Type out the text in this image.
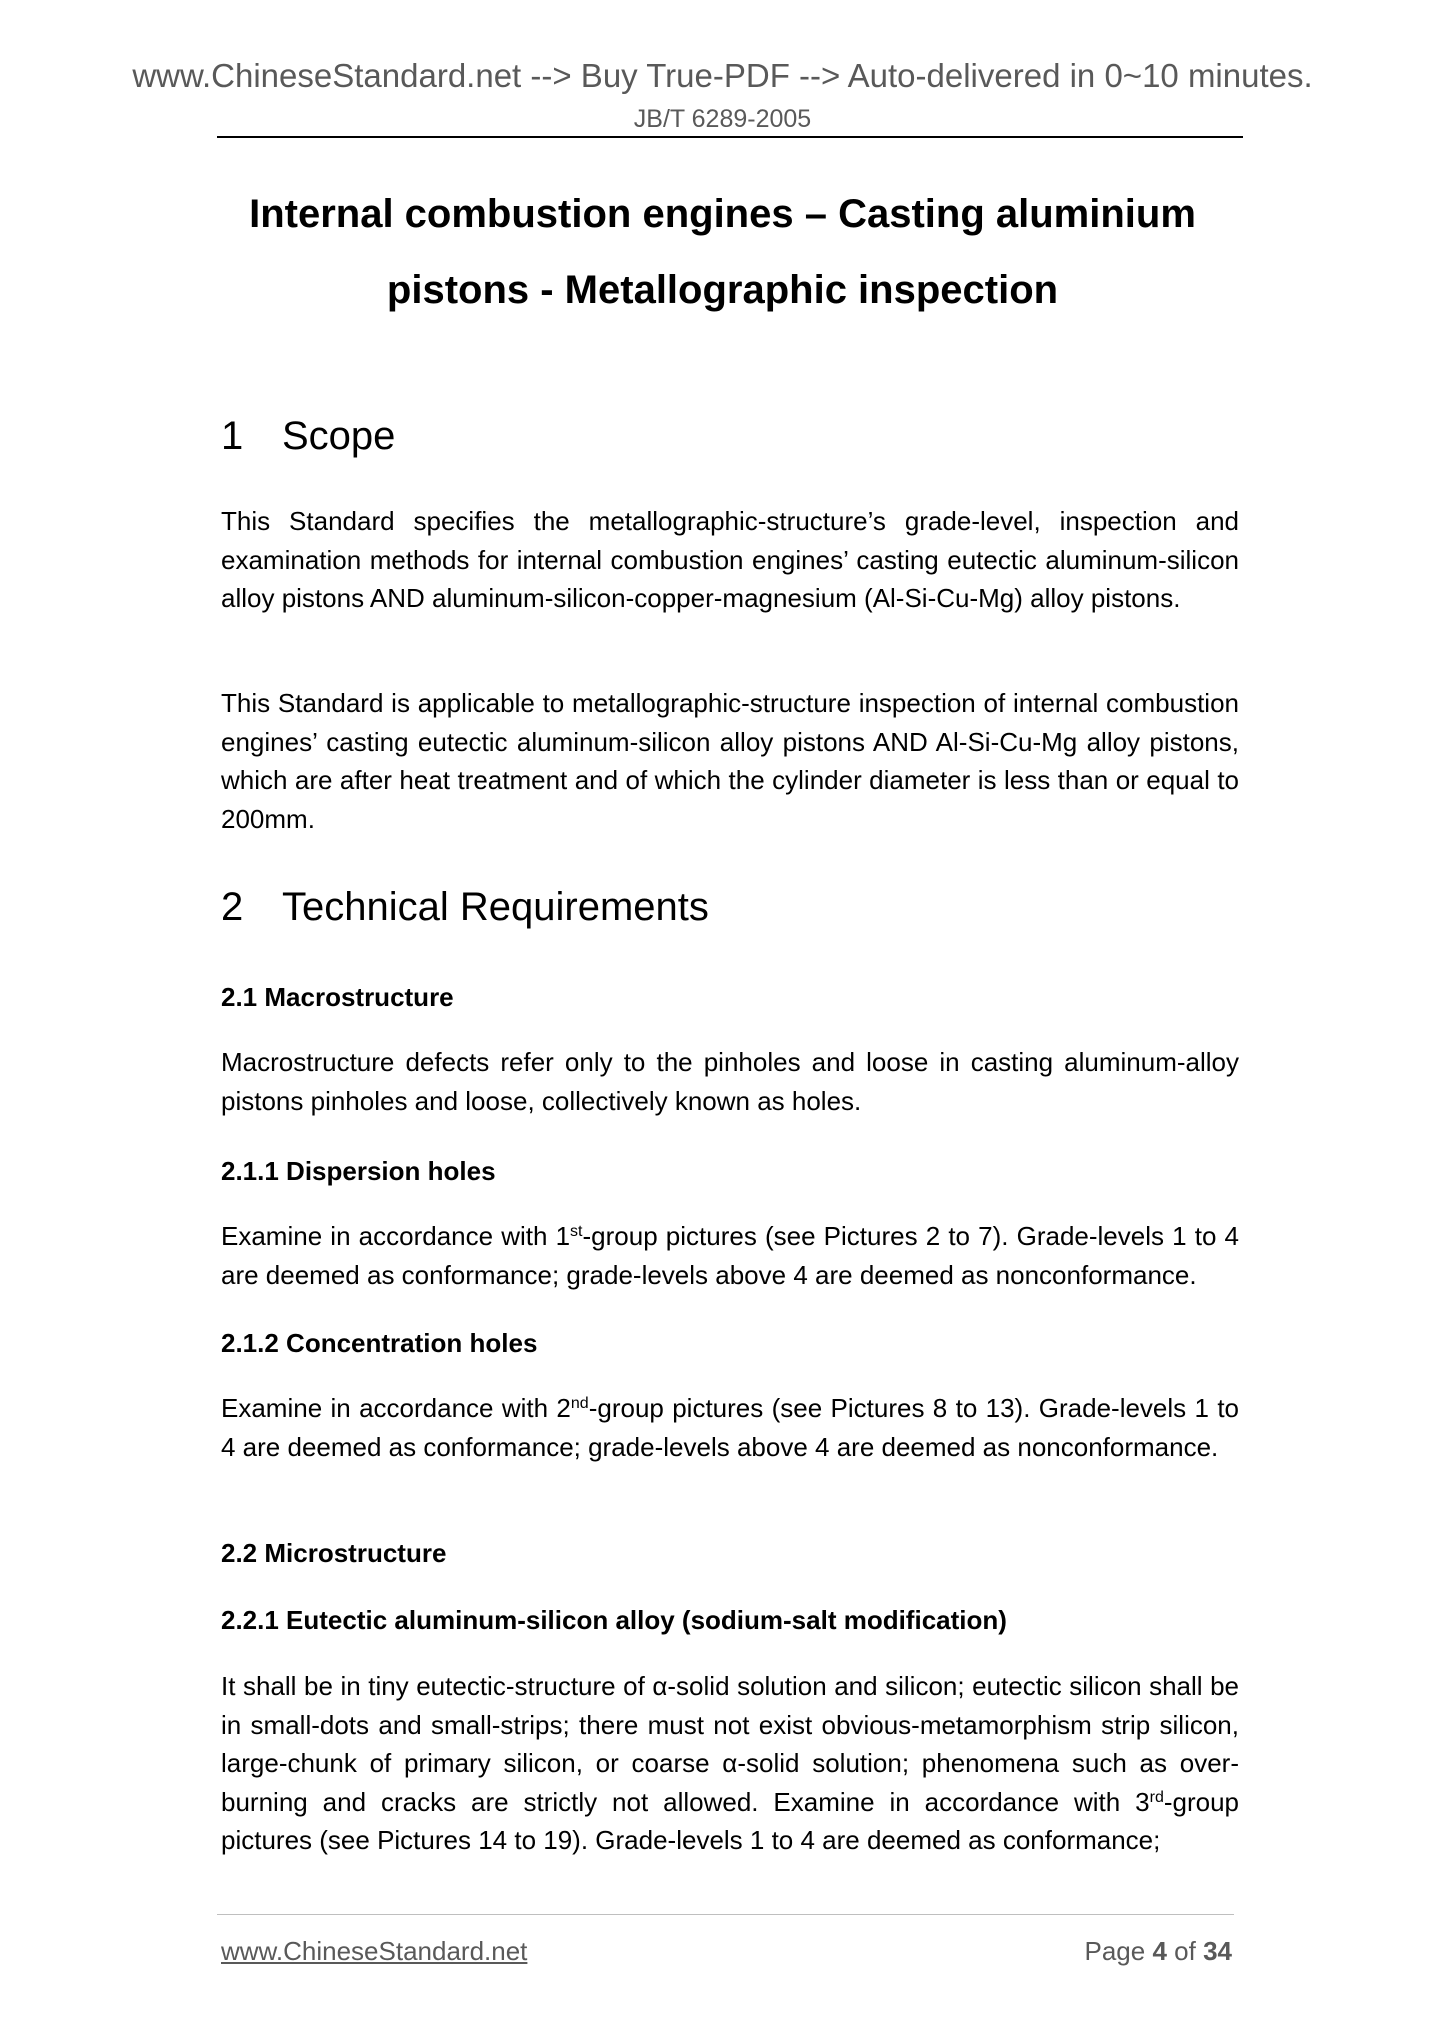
www.ChineseStandard.net --> Buy True-PDF --> Auto-delivered in 0~10 minutes.
JB/T 6289-2005
Internal combustion engines – Casting aluminium
pistons - Metallographic inspection
1 Scope
This Standard specifies the metallographic-structure’s grade-level, inspection and examination methods for internal combustion engines’ casting eutectic aluminum-silicon alloy pistons AND aluminum-silicon-copper-magnesium (Al-Si-Cu-Mg) alloy pistons.
This Standard is applicable to metallographic-structure inspection of internal combustion engines’ casting eutectic aluminum-silicon alloy pistons AND Al-Si-Cu-Mg alloy pistons, which are after heat treatment and of which the cylinder diameter is less than or equal to 200mm.
2 Technical Requirements
2.1 Macrostructure
Macrostructure defects refer only to the pinholes and loose in casting aluminum-alloy pistons pinholes and loose, collectively known as holes.
2.1.1 Dispersion holes
Examine in accordance with 1st-group pictures (see Pictures 2 to 7). Grade-levels 1 to 4 are deemed as conformance; grade-levels above 4 are deemed as nonconformance.
2.1.2 Concentration holes
Examine in accordance with 2nd-group pictures (see Pictures 8 to 13). Grade-levels 1 to 4 are deemed as conformance; grade-levels above 4 are deemed as nonconformance.
2.2 Microstructure
2.2.1 Eutectic aluminum-silicon alloy (sodium-salt modification)
It shall be in tiny eutectic-structure of α-solid solution and silicon; eutectic silicon shall be in small-dots and small-strips; there must not exist obvious-metamorphism strip silicon, large-chunk of primary silicon, or coarse α-solid solution; phenomena such as over-burning and cracks are strictly not allowed. Examine in accordance with 3rd-group pictures (see Pictures 14 to 19). Grade-levels 1 to 4 are deemed as conformance;
www.ChineseStandard.net	Page 4 of 34
